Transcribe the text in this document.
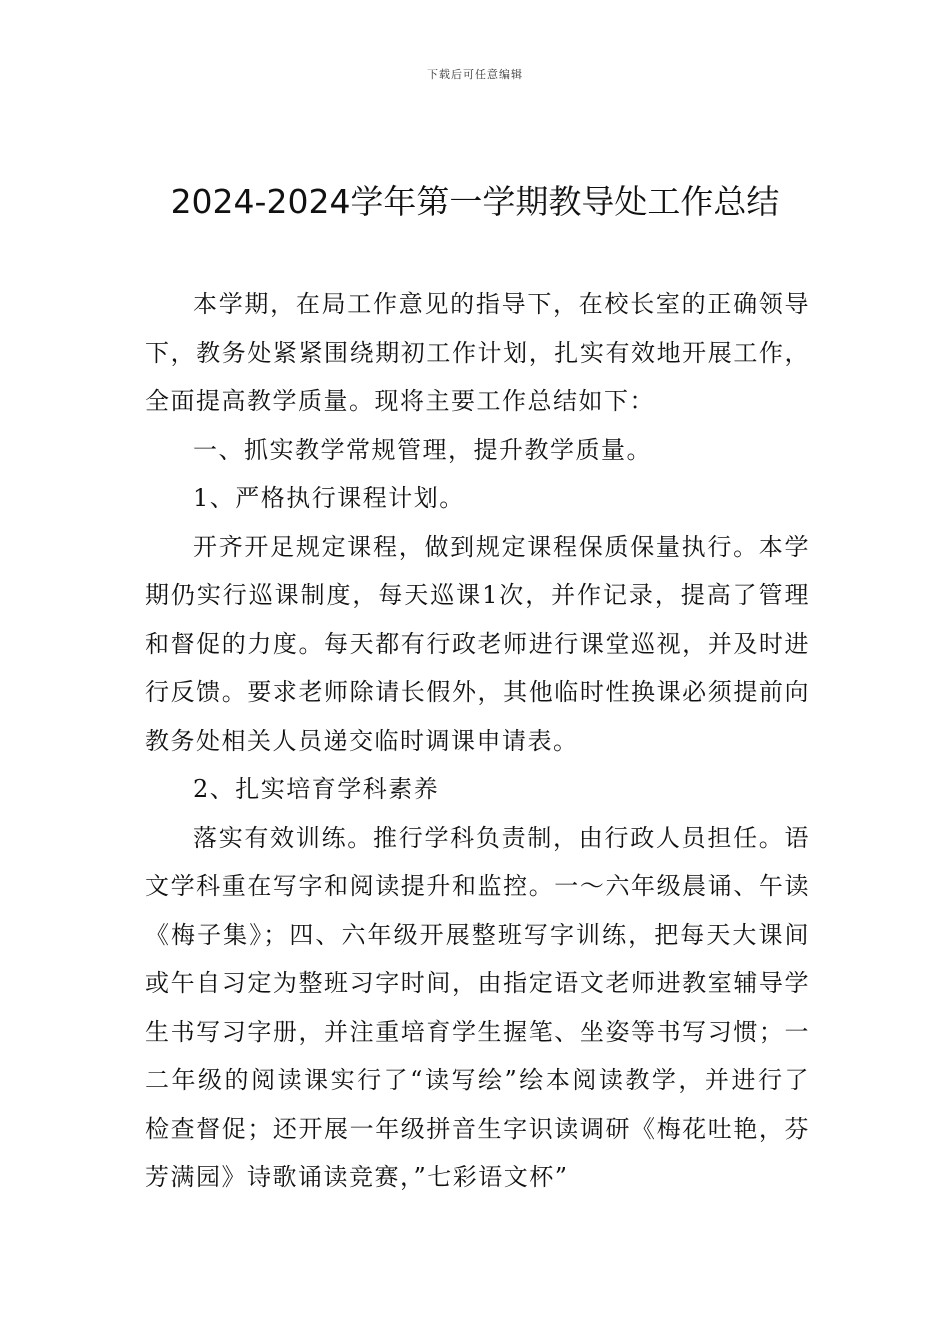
下载后可任意编辑
2024-2024学年第一学期教导处工作总结

本学期，在局工作意见的指导下，在校长室的正确领导下，教务处紧紧围绕期初工作计划，扎实有效地开展工作，全面提高教学质量。现将主要工作总结如下：

一、抓实教学常规管理，提升教学质量。

1、严格执行课程计划。

开齐开足规定课程，做到规定课程保质保量执行。本学期仍实行巡课制度，每天巡课1次，并作记录，提高了管理和督促的力度。每天都有行政老师进行课堂巡视，并及时进行反馈。要求老师除请长假外，其他临时性换课必须提前向教务处相关人员递交临时调课申请表。

2、扎实培育学科素养

落实有效训练。推行学科负责制，由行政人员担任。语文学科重在写字和阅读提升和监控。一～六年级晨诵、午读《梅子集》；四、六年级开展整班写字训练，把每天大课间或午自习定为整班习字时间，由指定语文老师进教室辅导学生书写习字册，并注重培育学生握笔、坐姿等书写习惯；一二年级的阅读课实行了“读写绘”绘本阅读教学，并进行了检查督促；还开展一年级拼音生字识读调研《梅花吐艳，芬芳满园》诗歌诵读竞赛，”七彩语文杯”
